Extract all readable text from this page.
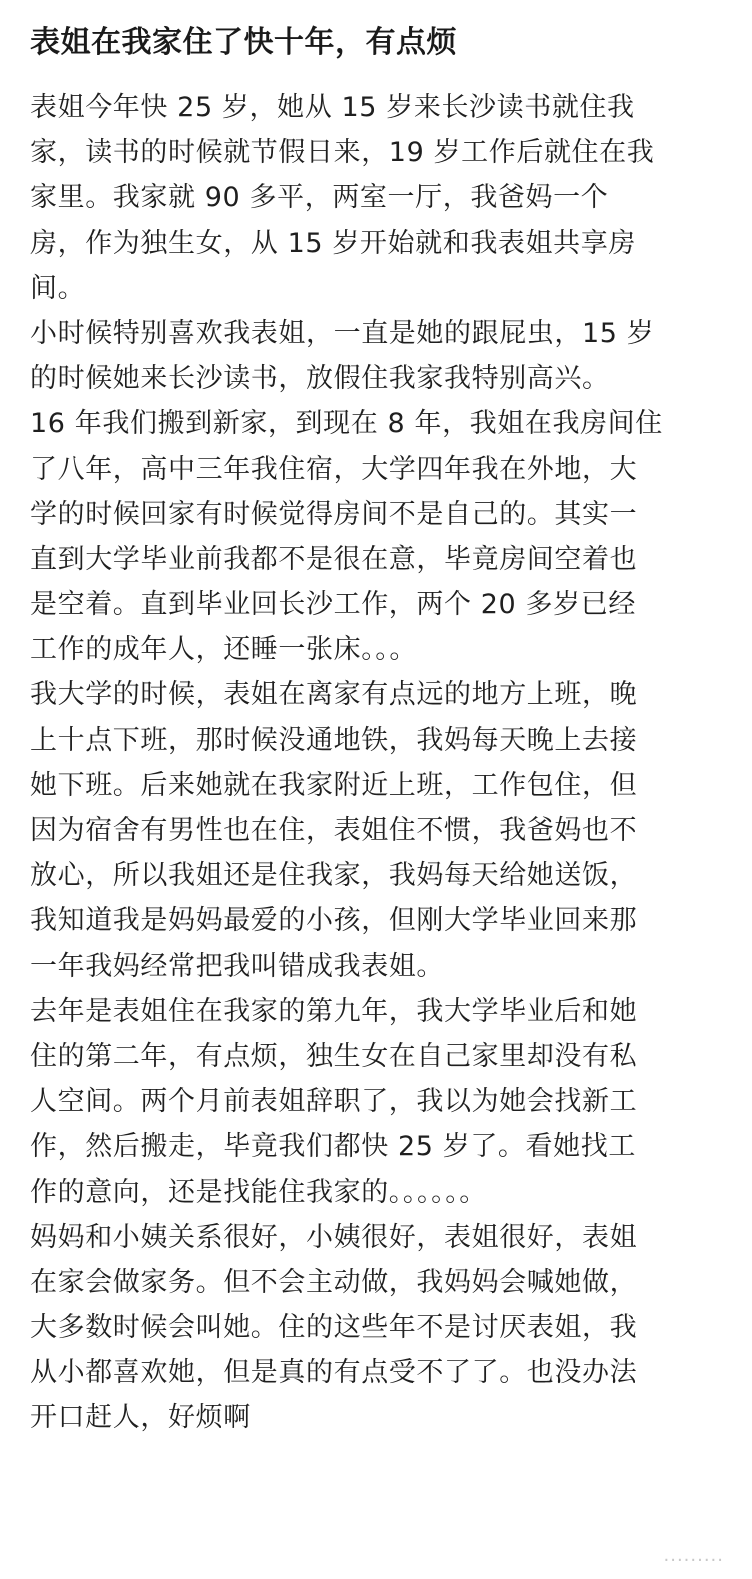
表姐在我家住了快十年，有点烦
表姐今年快 25 岁，她从 15 岁来长沙读书就住我
家，读书的时候就节假日来，19 岁工作后就住在我
家里。我家就 90 多平，两室一厅，我爸妈一个
房，作为独生女，从 15 岁开始就和我表姐共享房
间。
小时候特别喜欢我表姐，一直是她的跟屁虫，15 岁
的时候她来长沙读书，放假住我家我特别高兴。
16 年我们搬到新家，到现在 8 年，我姐在我房间住
了八年，高中三年我住宿，大学四年我在外地，大
学的时候回家有时候觉得房间不是自己的。其实一
直到大学毕业前我都不是很在意，毕竟房间空着也
是空着。直到毕业回长沙工作，两个 20 多岁已经
工作的成年人，还睡一张床。。。
我大学的时候，表姐在离家有点远的地方上班，晚
上十点下班，那时候没通地铁，我妈每天晚上去接
她下班。后来她就在我家附近上班，工作包住，但
因为宿舍有男性也在住，表姐住不惯，我爸妈也不
放心，所以我姐还是住我家，我妈每天给她送饭，
我知道我是妈妈最爱的小孩，但刚大学毕业回来那
一年我妈经常把我叫错成我表姐。
去年是表姐住在我家的第九年，我大学毕业后和她
住的第二年，有点烦，独生女在自己家里却没有私
人空间。两个月前表姐辞职了，我以为她会找新工
作，然后搬走，毕竟我们都快 25 岁了。看她找工
作的意向，还是找能住我家的。。。。。。
妈妈和小姨关系很好，小姨很好，表姐很好，表姐
在家会做家务。但不会主动做，我妈妈会喊她做，
大多数时候会叫她。住的这些年不是讨厌表姐，我
从小都喜欢她，但是真的有点受不了了。也没办法
开口赶人，好烦啊
·········
